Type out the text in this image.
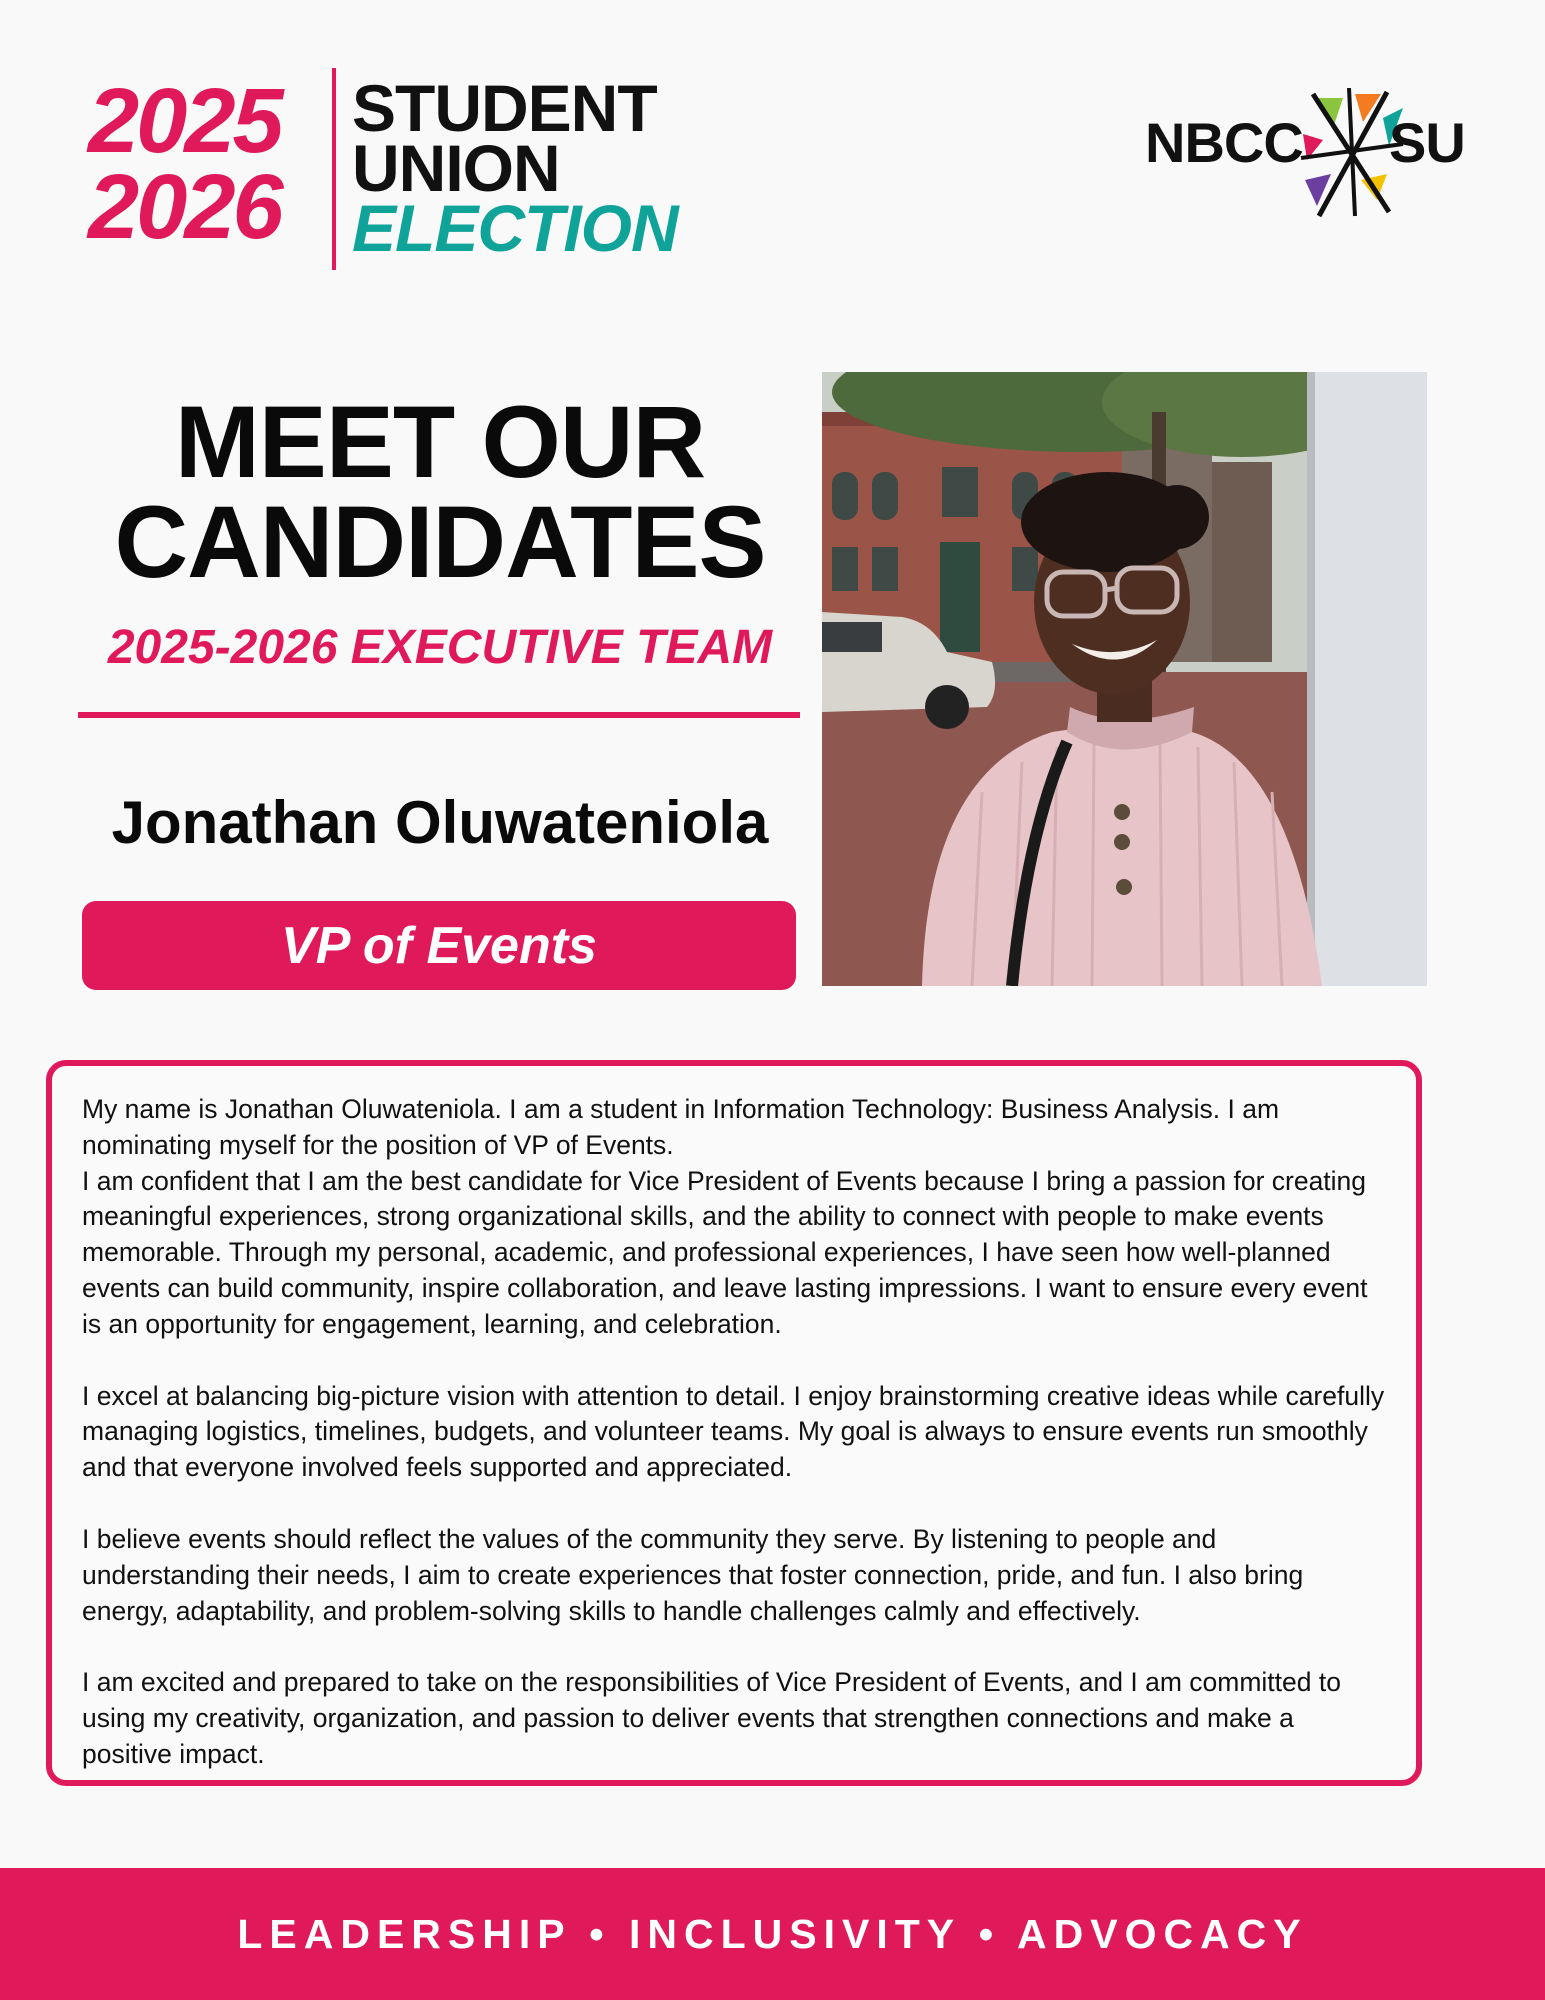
2025
2026
STUDENT
UNION
ELECTION
NBCC SU
MEET OUR
CANDIDATES
2025-2026 EXECUTIVE TEAM
Jonathan Oluwateniola
VP of Events

My name is Jonathan Oluwateniola. I am a student in Information Technology: Business Analysis. I am nominating myself for the position of VP of Events.

I am confident that I am the best candidate for Vice President of Events because I bring a passion for creating meaningful experiences, strong organizational skills, and the ability to connect with people to make events memorable. Through my personal, academic, and professional experiences, I have seen how well-planned events can build community, inspire collaboration, and leave lasting impressions. I want to ensure every event is an opportunity for engagement, learning, and celebration.

I excel at balancing big-picture vision with attention to detail. I enjoy brainstorming creative ideas while carefully managing logistics, timelines, budgets, and volunteer teams. My goal is always to ensure events run smoothly and that everyone involved feels supported and appreciated.

I believe events should reflect the values of the community they serve. By listening to people and understanding their needs, I aim to create experiences that foster connection, pride, and fun. I also bring energy, adaptability, and problem-solving skills to handle challenges calmly and effectively.

I am excited and prepared to take on the responsibilities of Vice President of Events, and I am committed to using my creativity, organization, and passion to deliver events that strengthen connections and make a positive impact.

LEADERSHIP • INCLUSIVITY • ADVOCACY
